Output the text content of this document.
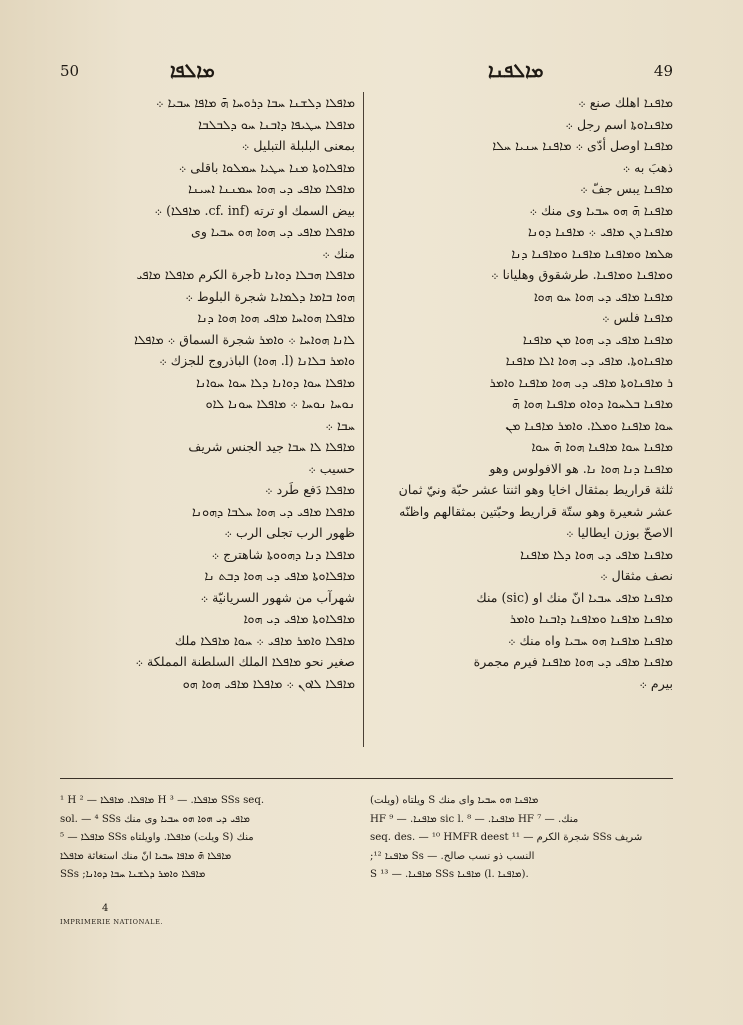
50	ܡܐܠܦܐ	ܡܐܠܦܢܐ	49
ܡܐܦܠܐ ܕܠܫܢܐ ܚܒܐ ܕܪܘܚܐ ܗ̄ ܡܐܦܐ ܚܒܝܐ ܀
ܡܐܦܠܐ ܚܛܝܦܐ ܕܐܒܢܐ ܚܘ ܕܠܒܠܒܐ
بمعنى البلبلة التبليل ܀
ܡܐܦܠܐܘܬܐ ܡܢܐ ܚܛܝܐ ܚܡܠܘܐ باقلى ܀
ܡܐܦܠܐ ܡܐܦܝ ܕܝ ܗܘܐ ܚܡܢܢܐ ܐܚܝܢܐ
بيض السمك او ترته (cf. inf. ܡܐܦܠܐ) ܀
ܡܐܦܠܐ ܡܐܦܝ ܕܝ ܗܘܐ ܗܘ ܚܒܝܐ وى
منك ܀
ܡܐܦܠܐ ܗܒܠܐ ܕܘܐܢܐ bجرة الكرم ܡܐܦܠܐ ܡܐܦܝ
ܗܘܐ ܒܐܡܐ ܕܠܡܐܝܐ شجرة البلوط ܀
ܡܐܦܠܐ ܗܘܐܚܐ ܡܐܦܝ ܗܘܐ ܗܘܐ ܕܢܐ
ܠܐܢܐ ܗܘܐܚܐ ܀ ܘܐܡܪ شجرة السماق ܀ ܡܐܦܠܐ
ܘܐܡܪ ܒܠܐܢܐ (l. ܗܘܐ) الباذروج للجزك ܀
ܡܐܦܠܐ ܚܘܐ ܕܘܐܢܐ ܕܠܐ ܚܘܐ ܚܘܐܢܐ
ܢܘܚܐ ܢܘܚܐ ܀ ܡܐܦܠܐ ܚܘܢܐ ܠܐܘ
ܚܒܐ ܀
ܡܐܦܠܐ ܠܐ ܚܒܐ جيد الجنس شريف
حسيب ܀
ܡܐܦܠܐ دَفع طَرد ܀
ܡܐܦܠܐ ܡܐܦܝ ܕܝ ܗܘܐ ܚܠܒܐ ܕܗܘܢܐ
ظهور الرب تجلى الرب ܀
ܡܐܦܠܐ ܕܢܐ ܕܗܘܘܬܐ شاهترج ܀
ܡܐܦܠܐܘܬܐ ܡܐܦܝ ܕܝ ܗܘܐ ܕܒܬ ܢܐ
شهرآب من شهور السريانيّة ܀
ܡܐܦܠܐܘܬܐ ܡܐܦܝ ܕܝ ܗܘܐ
ܡܐܦܠܐ ܘܐܡܪ ܡܐܦܝ ܀ ܚܘܐ ܡܐܦܠܐ ملك
صغير نحو ܡܐܦܠܐ الملك السلطنة المملكة ܀
ܡܐܦܠܐ ܠܐܘܢ ܀ ܡܐܦܠܐ ܡܐܦܝ ܗܘܐ ܗܘ
ܡܐܦܢܐ اهلك صنع ܀
ܡܐܦܢܐܘܬܐ اسم رجل ܀
ܡܐܦܢܐ اوصل أدّى ܀ ܡܐܦܢܐ ܚܢܝܐ ܚܠܐ
ذهبَ به ܀
ܡܐܦܢܐ يبس جفّ ܀
ܡܐܦܢܐ ܗ̄ ܗܘ ܚܒܝܐ وى منك ܀
ܡܐܦܢܐ ܕܢ ܡܐܦܝ ܀ ܡܐܦܢܐ ܕܘܢܐ
ܣܠܡܐ ܘܡܐܦܢܐ ܡܐܦܢܐ ܘܡܐܦܢܐ ܕܢܐ
ܘܡܐܦܢܐ ܘܡܐܦܢܐ. طرشقوق وهليانا ܀
ܡܐܦܢܐ ܡܐܦܝ ܕܝ ܗܘܐ ܚܘ ܗܘܐ
ܡܐܦܢܐ فلس ܀
ܡܐܦܢܐ ܡܐܦܝ ܕܝ ܗܘܐ ܡܢ ܡܐܦܢܐ
ܡܐܦܢܐܘܬܐ. ܡܐܦܝ ܕܝ ܗܘܐ ܐܠܐ ܡܐܦܢܐ
ܪ ܡܐܦܢܐܘܬܐ ܡܐܦܝ ܕܝ ܗܘܐ ܡܐܦܢܐ ܘܐܡܪ
ܡܐܦܢܐ ܒܠܚܘܐ ܕܘܐܘ ܡܐܦܢܐ ܗܘܐ ܗ̄
ܚܘܐ ܡܐܦܢܐ ܘܡܠܐ. ܘܐܡܪ ܡܐܦܢܐ ܡܢ
ܡܐܦܢܐ ܚܘܐ ܡܐܦܢܐ ܗܘܐ ܗ̄ ܚܘܐ
ܡܐܦܢܐ ܕܢܐ ܗܘܐ ܢܐ. هو الافولوس وهو
ثلثة قراريط بمثقال اخايا وهو اثنتا عشر حبّة ونيّ ثمان
عشر شعيرة وهو ستّة قراريط وحبّتين بمثقالهم واظنّه
الاصحّ بوزن ايطاليا ܀
ܡܐܦܢܐ ܡܐܦܝ ܕܝ ܗܘܐ ܕܠܐ ܡܐܦܢܐ
نصف مثقال ܀
ܡܐܦܢܐ ܡܐܦܝ ܚܒܝܐ انّ منك او (sic) منك
ܡܐܦܢܐ ܡܐܦܢܐ ܘܡܐܦܢܐ ܕܐܒܢܐ ܘܐܡܪ
ܡܐܦܢܐ ܡܐܦܢܐ ܗܘ ܚܒܝܐ واه منك ܀
ܡܐܦܢܐ ܡܐܦܝ ܕܝ ܗܘܐ ܡܐܦܢܐ فيرم مجمرة
بيرم ܀
¹ H ܡܐܦܠܐ. ܡܐܦܠܐ — ² H ܡܐܦܠܐ. — ³ SSs seq.
sol. — ⁴ SSs ܡܐܦܝ ܕܝ ܗܘܐ ܗܘ ܚܒܝܐ وى منك
ܡܐܦܠܐ — ⁵ SSs ܡܐܦܠܐ. واويلتاه (ويلت S) منك
ܡܐܦܠܐ ܗ̄ ܡܐܦܐ ܚܒܝܐ انّ منك استغاثة ܡܐܦܠܐ
SSs ;ܡܐܦܠܐ ܘܐܡܪ ܕܠܫܢܐ ܚܒܐ ܕܘܐܢܐ
(ويلتاه (ويلت S ܡܐܦܢܐ ܗܘ ܚܒܝܐ واى منك
HF ⁹ — .ܡܐܦܢܐ sic l. ⁸ — .ܡܐܦܢܐ HF ⁷ — .منك
seq. des. — ¹⁰ HMFR deest شجرة الكرم — ¹¹ SSs شريف
;ܡܐܦܢܐ ¹² Ss — .النسب ذو نسب صالح
S ܡܐܦܢܐ. — ¹³ SSs ܡܐܦܢܐ (l. ܡܐܦܢܐ).
4
IMPRIMERIE NATIONALE.
